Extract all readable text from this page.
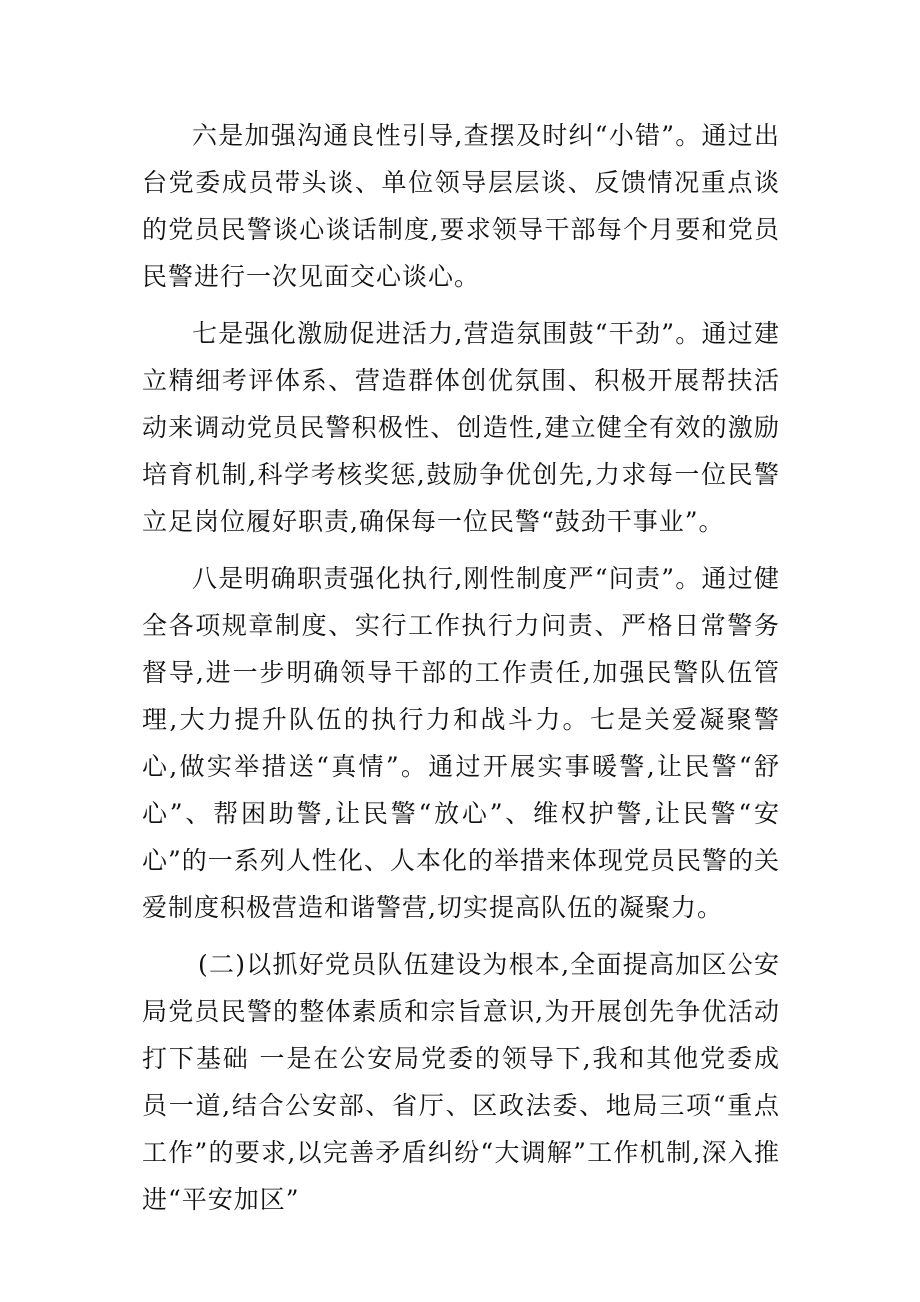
六是加强沟通良性引导,查摆及时纠“小错”。通过出台党委成员带头谈、单位领导层层谈、反馈情况重点谈的党员民警谈心谈话制度,要求领导干部每个月要和党员民警进行一次见面交心谈心。

七是强化激励促进活力,营造氛围鼓“干劲”。通过建立精细考评体系、营造群体创优氛围、积极开展帮扶活动来调动党员民警积极性、创造性,建立健全有效的激励培育机制,科学考核奖惩,鼓励争优创先,力求每一位民警立足岗位履好职责,确保每一位民警“鼓劲干事业”。

八是明确职责强化执行,刚性制度严“问责”。通过健全各项规章制度、实行工作执行力问责、严格日常警务督导,进一步明确领导干部的工作责任,加强民警队伍管理,大力提升队伍的执行力和战斗力。七是关爱凝聚警心,做实举措送“真情”。通过开展实事暖警,让民警“舒心”、帮困助警,让民警“放心”、维权护警,让民警“安心”的一系列人性化、人本化的举措来体现党员民警的关爱制度积极营造和谐警营,切实提高队伍的凝聚力。

(二)以抓好党员队伍建设为根本,全面提高加区公安局党员民警的整体素质和宗旨意识,为开展创先争优活动打下基础 一是在公安局党委的领导下,我和其他党委成员一道,结合公安部、省厅、区政法委、地局三项“重点工作”的要求,以完善矛盾纠纷“大调解”工作机制,深入推进“平安加区”
